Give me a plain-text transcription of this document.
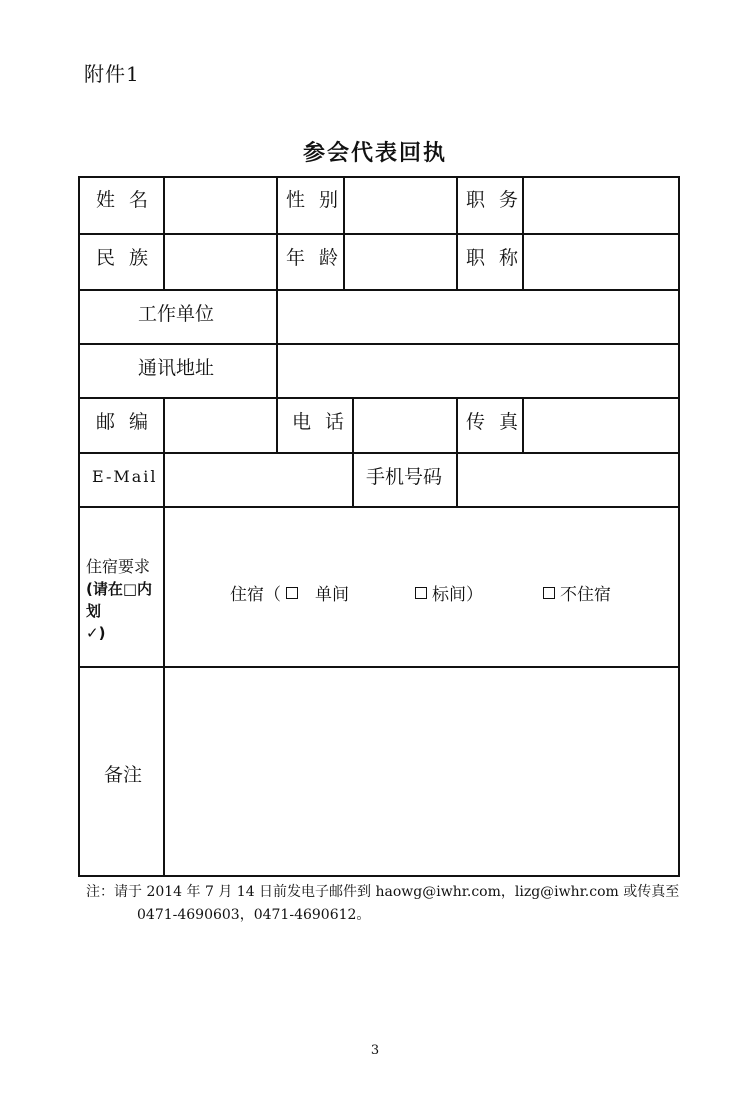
附件1
参会代表回执
姓名	性别	职务
民族	年龄	职称
工作单位
通讯地址
邮编	电话	传真
E-Mail	手机号码
住宿要求
(请在□内划
✓)
住宿（ 单间	标间）	不住宿
备注
注：请于 2014 年 7 月 14 日前发电子邮件到 haowg@iwhr.com，lizg@iwhr.com 或传真至
0471-4690603，0471-4690612。
3
